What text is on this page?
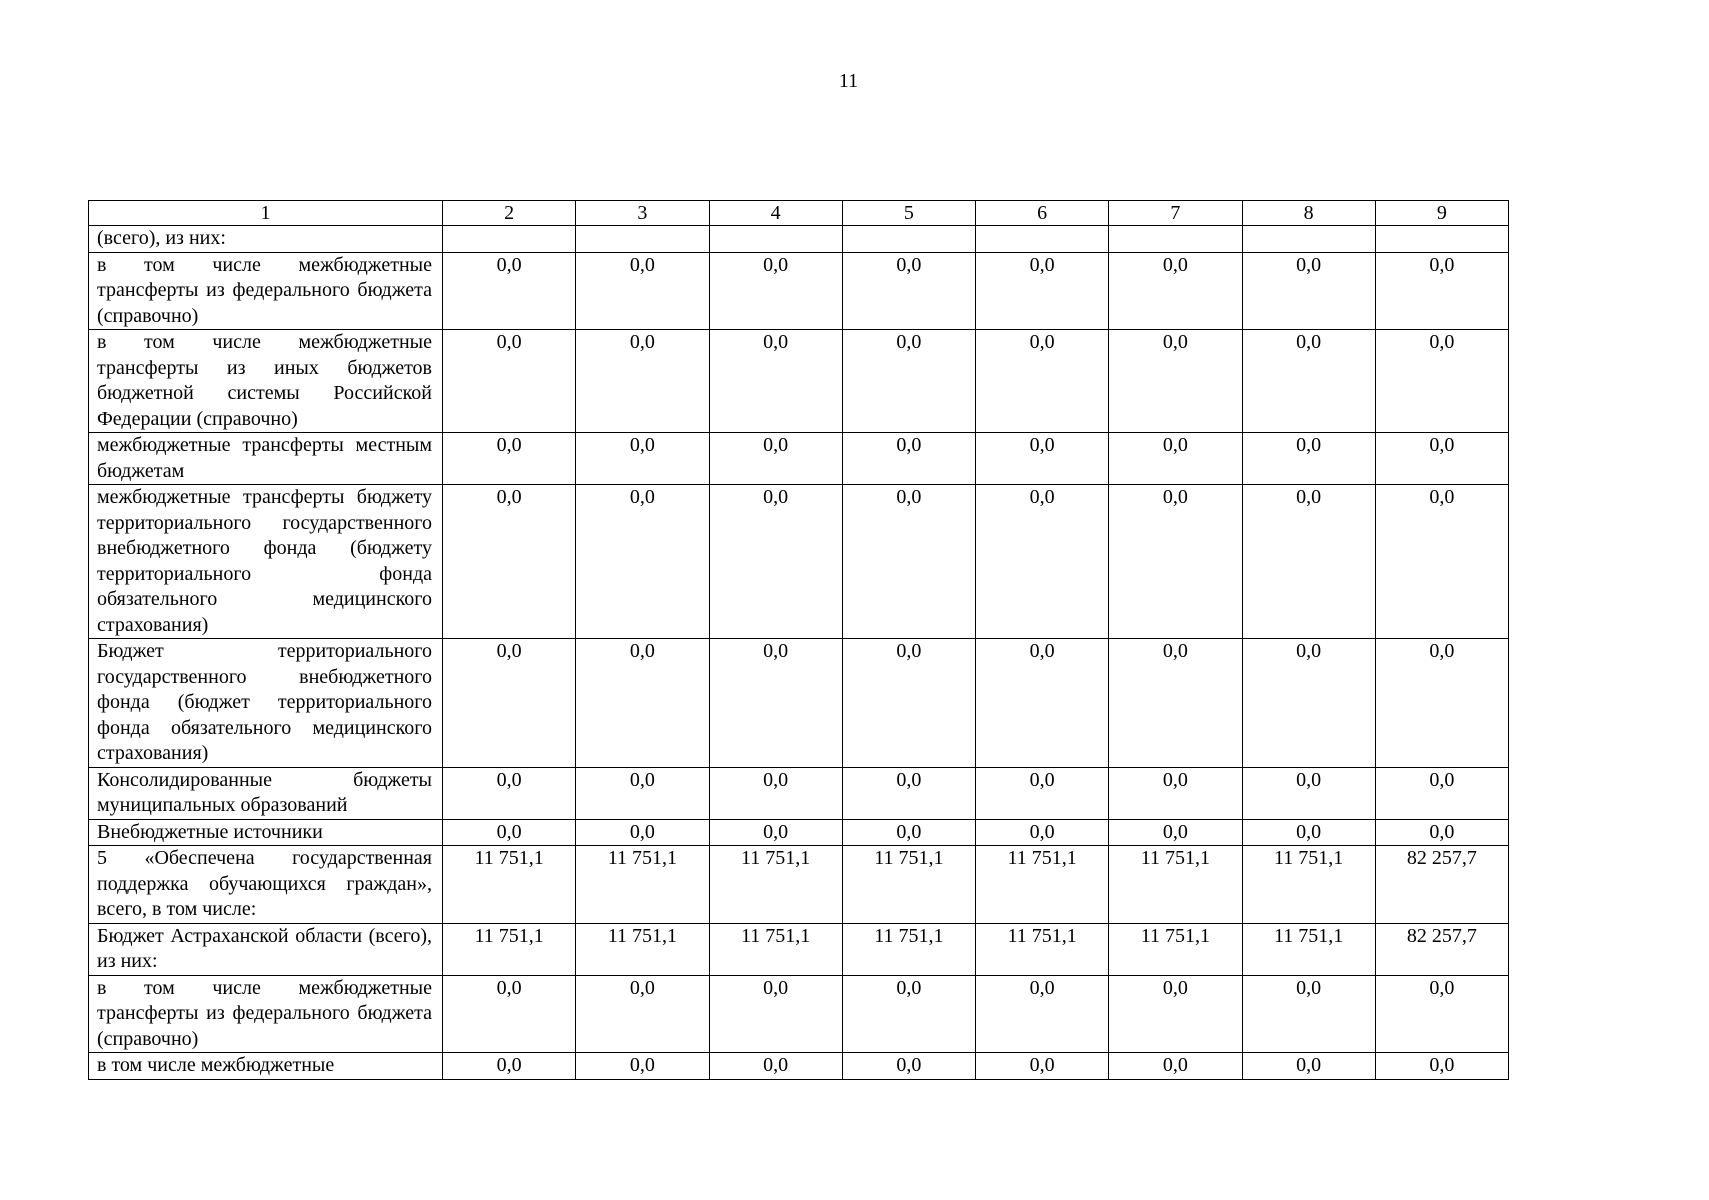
11
1	2	3	4	5	6	7	8	9
(всего), из них:								
в том числе межбюджетные трансферты из федерального бюджета (справочно)	0,0	0,0	0,0	0,0	0,0	0,0	0,0	0,0
в том числе межбюджетные трансферты из иных бюджетов бюджетной системы Российской Федерации (справочно)	0,0	0,0	0,0	0,0	0,0	0,0	0,0	0,0
межбюджетные трансферты местным бюджетам	0,0	0,0	0,0	0,0	0,0	0,0	0,0	0,0
межбюджетные трансферты бюджету территориального государственного внебюджетного фонда (бюджету территориального фонда обязательного медицинского страхования)	0,0	0,0	0,0	0,0	0,0	0,0	0,0	0,0
Бюджет территориального государственного внебюджетного фонда (бюджет территориального фонда обязательного медицинского страхования)	0,0	0,0	0,0	0,0	0,0	0,0	0,0	0,0
Консолидированные бюджеты муниципальных образований	0,0	0,0	0,0	0,0	0,0	0,0	0,0	0,0
Внебюджетные источники	0,0	0,0	0,0	0,0	0,0	0,0	0,0	0,0
5 «Обеспечена государственная поддержка обучающихся граждан», всего, в том числе:	11 751,1	11 751,1	11 751,1	11 751,1	11 751,1	11 751,1	11 751,1	82 257,7
Бюджет Астраханской области (всего), из них:	11 751,1	11 751,1	11 751,1	11 751,1	11 751,1	11 751,1	11 751,1	82 257,7
в том числе межбюджетные трансферты из федерального бюджета (справочно)	0,0	0,0	0,0	0,0	0,0	0,0	0,0	0,0
в том числе межбюджетные	0,0	0,0	0,0	0,0	0,0	0,0	0,0	0,0
